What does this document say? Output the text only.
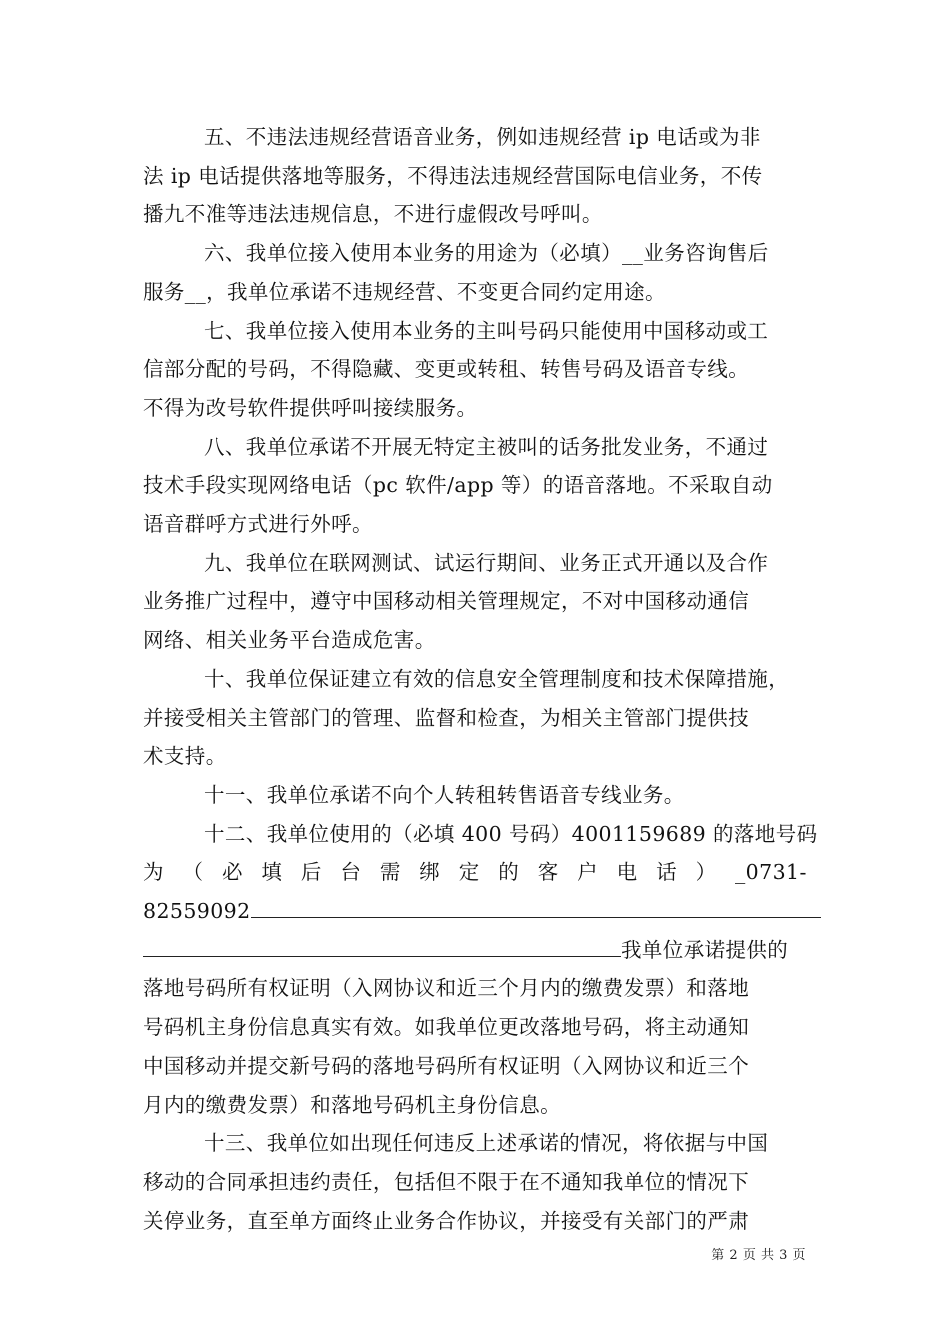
五、不违法违规经营语音业务，例如违规经营 ip 电话或为非
法 ip 电话提供落地等服务，不得违法违规经营国际电信业务，不传
播九不准等违法违规信息，不进行虚假改号呼叫。
六、我单位接入使用本业务的用途为（必填）__业务咨询售后
服务__，我单位承诺不违规经营、不变更合同约定用途。
七、我单位接入使用本业务的主叫号码只能使用中国移动或工
信部分配的号码，不得隐藏、变更或转租、转售号码及语音专线。
不得为改号软件提供呼叫接续服务。
八、我单位承诺不开展无特定主被叫的话务批发业务，不通过
技术手段实现网络电话（pc 软件/app 等）的语音落地。不采取自动
语音群呼方式进行外呼。
九、我单位在联网测试、试运行期间、业务正式开通以及合作
业务推广过程中，遵守中国移动相关管理规定，不对中国移动通信
网络、相关业务平台造成危害。
十、我单位保证建立有效的信息安全管理制度和技术保障措施，
并接受相关主管部门的管理、监督和检查，为相关主管部门提供技
术支持。
十一、我单位承诺不向个人转租转售语音专线业务。
十二、我单位使用的（必填 400 号码）4001159689 的落地号码
为 （ 必 填 后 台 需 绑 定 的 客 户 电 话 ） _0731-
82559092
我单位承诺提供的
落地号码所有权证明（入网协议和近三个月内的缴费发票）和落地
号码机主身份信息真实有效。如我单位更改落地号码，将主动通知
中国移动并提交新号码的落地号码所有权证明（入网协议和近三个
月内的缴费发票）和落地号码机主身份信息。
十三、我单位如出现任何违反上述承诺的情况，将依据与中国
移动的合同承担违约责任，包括但不限于在不通知我单位的情况下
关停业务，直至单方面终止业务合作协议，并接受有关部门的严肃
第 2 页 共 3 页
